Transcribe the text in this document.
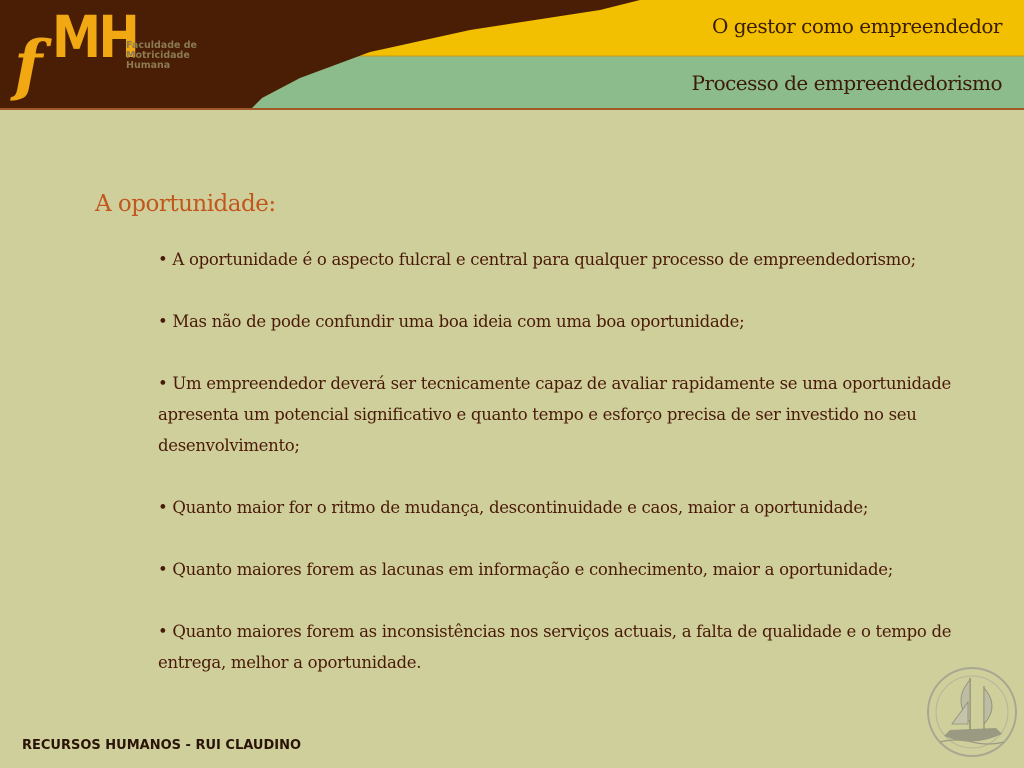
f MH
Faculdade de
Motricidade
Humana
O gestor como empreendedor
Processo de empreendedorismo
A oportunidade:
• A oportunidade é o aspecto fulcral e central para qualquer processo de empreendedorismo;
• Mas não de pode confundir uma boa ideia com uma boa oportunidade;
• Um empreendedor deverá ser tecnicamente capaz de avaliar rapidamente se uma oportunidade apresenta um potencial significativo e quanto tempo e esforço precisa de ser investido no seu desenvolvimento;
• Quanto maior for o ritmo de mudança, descontinuidade e caos, maior a oportunidade;
• Quanto maiores forem as lacunas em informação e conhecimento, maior a oportunidade;
• Quanto maiores forem as inconsistências nos serviços actuais, a falta de qualidade e o tempo de entrega, melhor a oportunidade.
RECURSOS HUMANOS - RUI CLAUDINO
